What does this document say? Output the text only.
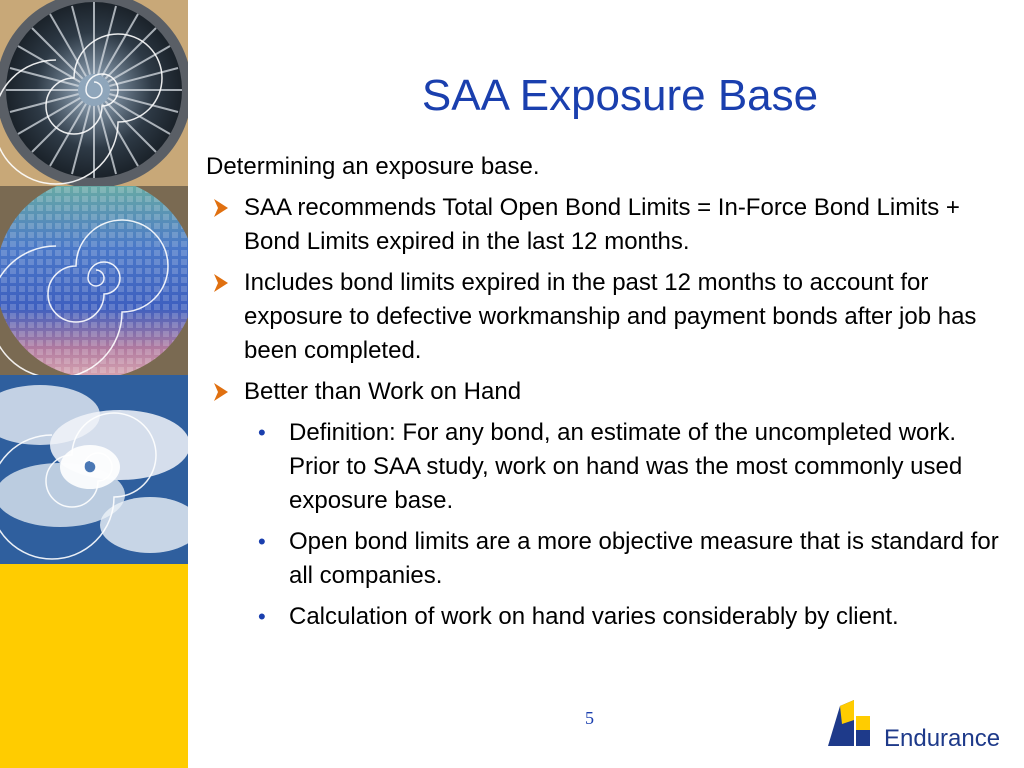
SAA Exposure Base

Determining an exposure base.

SAA recommends Total Open Bond Limits = In-Force Bond Limits + Bond Limits expired in the last 12 months.

Includes bond limits expired in the past 12 months to account for exposure to defective workmanship and payment bonds after job has been completed.

Better than Work on Hand

• Definition: For any bond, an estimate of the uncompleted work. Prior to SAA study, work on hand was the most commonly used exposure base.

• Open bond limits are a more objective measure that is standard for all companies.

• Calculation of work on hand varies considerably by client.

5
Endurance
